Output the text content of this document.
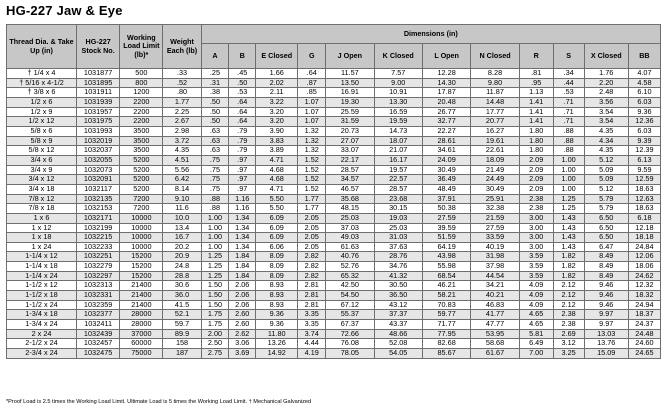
HG-227 Jaw & Eye
Thread Dia. & Take Up (in)	HG-227 Stock No.	Working Load Limit (lb)*	Weight Each (lb)	Dimensions (in)											
				A	B	E Closed	G	J Open	K Closed	L Open	N Closed	R	S	X Closed	BB
† 1/4 x 4	1031877	500	.33	.25	.45	1.66	.64	11.57	7.57	12.28	8.28	.81	.34	1.76	4.07
† 5/16 x 4-1/2	1031895	800	.52	.31	.50	2.02	.87	13.50	9.00	14.30	9.80	.95	.44	2.20	4.58
† 3/8 x 6	1031911	1200	.80	.38	.53	2.11	.85	16.91	10.91	17.87	11.87	1.13	.53	2.48	6.10
1/2 x 6	1031939	2200	1.77	.50	.64	3.22	1.07	19.30	13.30	20.48	14.48	1.41	.71	3.56	6.03
1/2 x 9	1031957	2200	2.25	.50	.64	3.20	1.07	25.59	16.59	26.77	17.77	1.41	.71	3.54	9.36
1/2 x 12	1031975	2200	2.67	.50	.64	3.20	1.07	31.59	19.59	32.77	20.77	1.41	.71	3.54	12.36
5/8 x 6	1031993	3500	2.98	.63	.79	3.90	1.32	20.73	14.73	22.27	16.27	1.80	.88	4.35	6.03
5/8 x 9	1032019	3500	3.72	.63	.79	3.83	1.32	27.07	18.07	28.61	19.61	1.80	.88	4.34	9.39
5/8 x 12	1032037	3500	4.35	.63	.79	3.89	1.32	33.07	21.07	34.61	22.61	1.80	.88	4.35	12.39
3/4 x 6	1032055	5200	4.51	.75	.97	4.71	1.52	22.17	16.17	24.09	18.09	2.09	1.00	5.12	6.13
3/4 x 9	1032073	5200	5.56	.75	.97	4.68	1.52	28.57	19.57	30.49	21.49	2.09	1.00	5.09	9.59
3/4 x 12	1032091	5200	6.42	.75	.97	4.68	1.52	34.57	22.57	36.49	24.49	2.09	1.00	5.09	12.59
3/4 x 18	1032117	5200	8.14	.75	.97	4.71	1.52	46.57	28.57	48.49	30.49	2.09	1.00	5.12	18.63
7/8 x 12	1032135	7200	9.10	.88	1.16	5.50	1.77	35.68	23.68	37.91	25.91	2.38	1.25	5.79	12.63
7/8 x 18	1032153	7200	11.6	.88	1.16	5.50	1.77	48.15	30.15	50.38	32.38	2.38	1.25	5.79	18.63
1 x 6	1032171	10000	10.0	1.00	1.34	6.09	2.05	25.03	19.03	27.59	21.59	3.00	1.43	6.50	6.18
1 x 12	1032199	10000	13.4	1.00	1.34	6.09	2.05	37.03	25.03	39.59	27.59	3.00	1.43	6.50	12.18
1 x 18	1032215	10000	16.7	1.00	1.34	6.09	2.05	49.03	31.03	51.59	33.59	3.00	1.43	6.50	18.18
1 x 24	1032233	10000	20.2	1.00	1.34	6.06	2.05	61.63	37.63	64.19	40.19	3.00	1.43	6.47	24.84
1-1/4 x 12	1032251	15200	20.9	1.25	1.84	8.09	2.82	40.76	28.76	43.98	31.98	3.59	1.82	8.49	12.06
1-1/4 x 18	1032279	15200	24.8	1.25	1.84	8.09	2.82	52.76	34.76	55.98	37.98	3.59	1.82	8.49	18.06
1-1/4 x 24	1032297	15200	28.8	1.25	1.84	8.09	2.82	65.32	41.32	68.54	44.54	3.59	1.82	8.49	24.62
1-1/2 x 12	1032313	21400	30.6	1.50	2.06	8.93	2.81	42.50	30.50	46.21	34.21	4.09	2.12	9.46	12.32
1-1/2 x 18	1032331	21400	36.0	1.50	2.06	8.93	2.81	54.50	36.50	58.21	40.21	4.09	2.12	9.46	18.32
1-1/2 x 24	1032359	21400	41.5	1.50	2.06	8.93	2.81	67.12	43.12	70.83	46.83	4.09	2.12	9.46	24.94
1-3/4 x 18	1032377	28000	52.1	1.75	2.60	9.36	3.35	55.37	37.37	59.77	41.77	4.65	2.38	9.97	18.37
1-3/4 x 24	1032411	28000	59.7	1.75	2.60	9.36	3.35	67.37	43.37	71.77	47.77	4.65	2.38	9.97	24.37
2 x 24	1032439	37000	89.9	2.00	2.62	11.80	3.74	72.66	48.66	77.95	53.95	5.81	2.69	13.03	24.48
2-1/2 x 24	1032457	60000	158	2.50	3.06	13.26	4.44	76.08	52.08	82.68	58.68	6.49	3.12	13.76	24.60
2-3/4 x 24	1032475	75000	187	2.75	3.69	14.92	4.19	78.05	54.05	85.67	61.67	7.00	3.25	15.09	24.65
*Proof Load is 2.5 times the Working Load Limit. Ultimate Load is 5 times the Working Load Limit. † Mechanical Galvanized
